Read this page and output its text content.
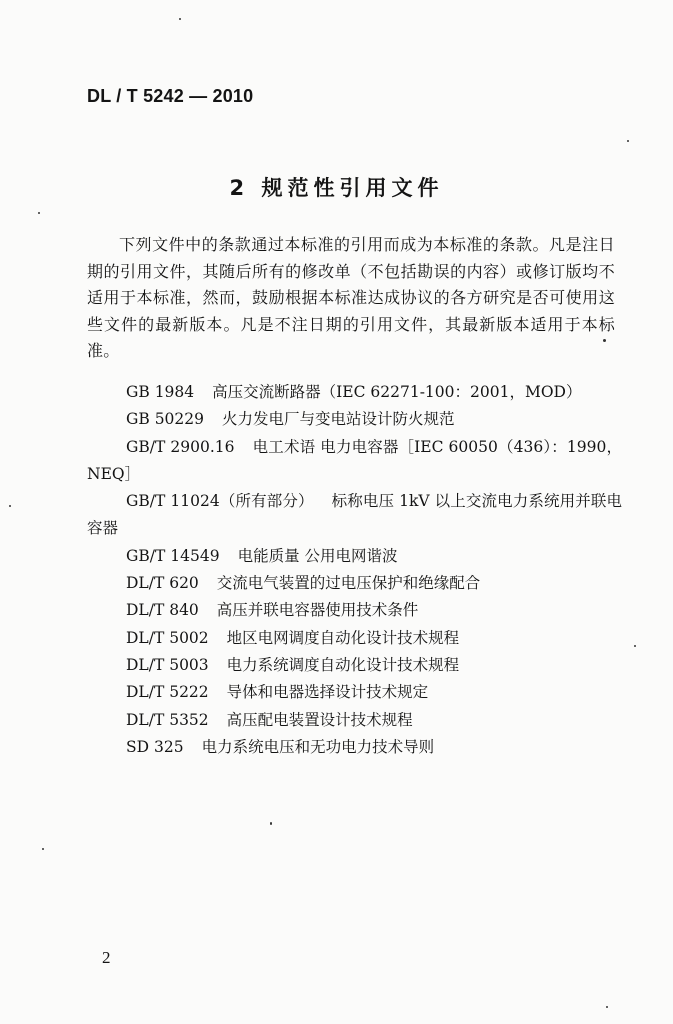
DL / T 5242 — 2010
2 规范性引用文件

下列文件中的条款通过本标准的引用而成为本标准的条款。凡是注日期的引用文件，其随后所有的修改单（不包括勘误的内容）或修订版均不适用于本标准，然而，鼓励根据本标准达成协议的各方研究是否可使用这些文件的最新版本。凡是不注日期的引用文件，其最新版本适用于本标准。

GB 1984 高压交流断路器（IEC 62271-100：2001，MOD）
GB 50229 火力发电厂与变电站设计防火规范
GB/T 2900.16 电工术语 电力电容器［IEC 60050（436）：1990，NEQ］
GB/T 11024（所有部分） 标称电压 1kV 以上交流电力系统用并联电容器
GB/T 14549 电能质量 公用电网谐波
DL/T 620 交流电气装置的过电压保护和绝缘配合
DL/T 840 高压并联电容器使用技术条件
DL/T 5002 地区电网调度自动化设计技术规程
DL/T 5003 电力系统调度自动化设计技术规程
DL/T 5222 导体和电器选择设计技术规定
DL/T 5352 高压配电装置设计技术规程
SD 325 电力系统电压和无功电力技术导则
2
